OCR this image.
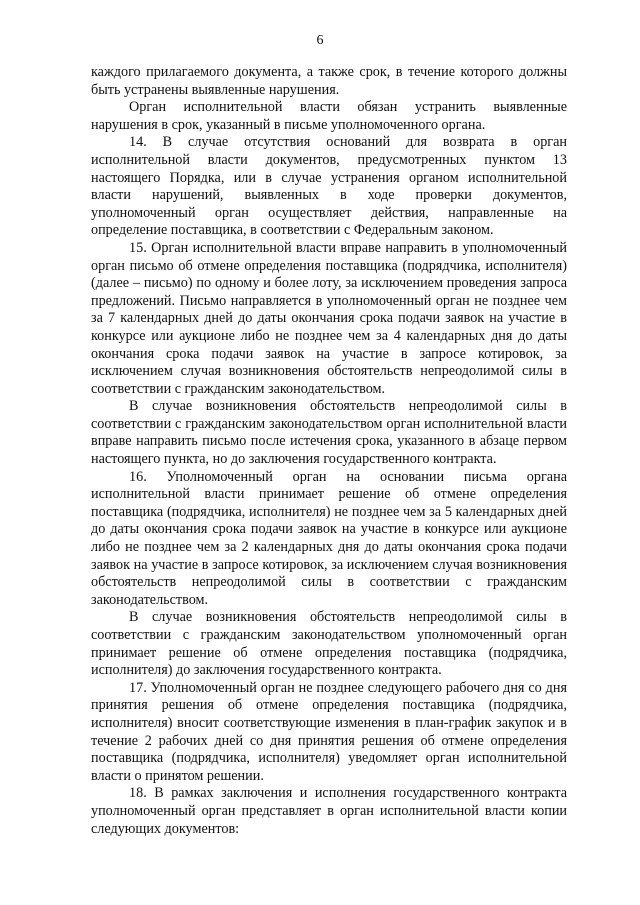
6

каждого прилагаемого документа, а также срок, в течение которого должны быть устранены выявленные нарушения.

Орган исполнительной власти обязан устранить выявленные нарушения в срок, указанный в письме уполномоченного органа.

14. В случае отсутствия оснований для возврата в орган исполнительной власти документов, предусмотренных пунктом 13 настоящего Порядка, или в случае устранения органом исполнительной власти нарушений, выявленных в ходе проверки документов, уполномоченный орган осуществляет действия, направленные на определение поставщика, в соответствии с Федеральным законом.

15. Орган исполнительной власти вправе направить в уполномоченный орган письмо об отмене определения поставщика (подрядчика, исполнителя) (далее – письмо) по одному и более лоту, за исключением проведения запроса предложений. Письмо направляется в уполномоченный орган не позднее чем за 7 календарных дней до даты окончания срока подачи заявок на участие в конкурсе или аукционе либо не позднее чем за 4 календарных дня до даты окончания срока подачи заявок на участие в запросе котировок, за исключением случая возникновения обстоятельств непреодолимой силы в соответствии с гражданским законодательством.

В случае возникновения обстоятельств непреодолимой силы в соответствии с гражданским законодательством орган исполнительной власти вправе направить письмо после истечения срока, указанного в абзаце первом настоящего пункта, но до заключения государственного контракта.

16. Уполномоченный орган на основании письма органа исполнительной власти принимает решение об отмене определения поставщика (подрядчика, исполнителя) не позднее чем за 5 календарных дней до даты окончания срока подачи заявок на участие в конкурсе или аукционе либо не позднее чем за 2 календарных дня до даты окончания срока подачи заявок на участие в запросе котировок, за исключением случая возникновения обстоятельств непреодолимой силы в соответствии с гражданским законодательством.

В случае возникновения обстоятельств непреодолимой силы в соответствии с гражданским законодательством уполномоченный орган принимает решение об отмене определения поставщика (подрядчика, исполнителя) до заключения государственного контракта.

17. Уполномоченный орган не позднее следующего рабочего дня со дня принятия решения об отмене определения поставщика (подрядчика, исполнителя) вносит соответствующие изменения в план-график закупок и в течение 2 рабочих дней со дня принятия решения об отмене определения поставщика (подрядчика, исполнителя) уведомляет орган исполнительной власти о принятом решении.

18. В рамках заключения и исполнения государственного контракта уполномоченный орган представляет в орган исполнительной власти копии следующих документов:
